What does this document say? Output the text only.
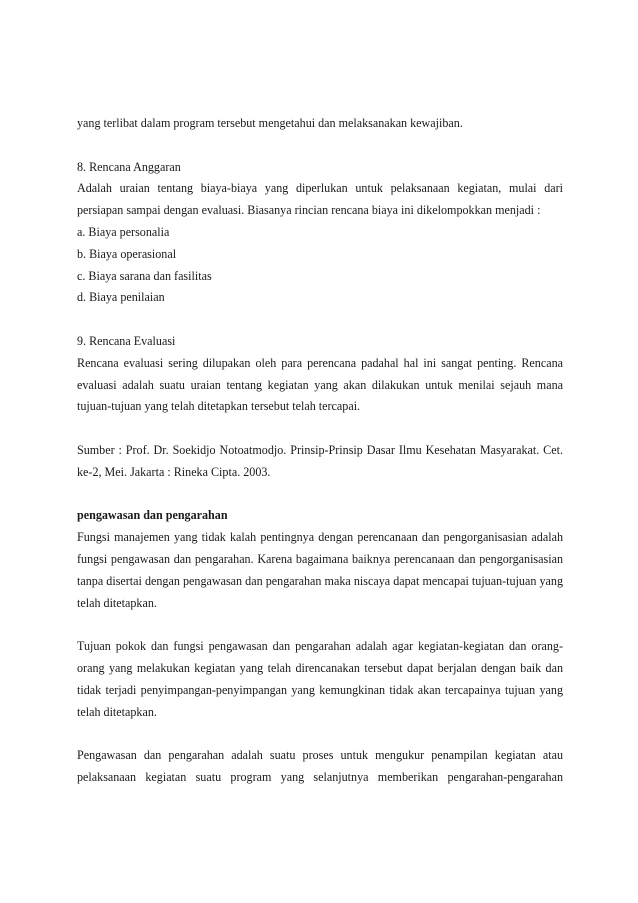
yang terlibat dalam program tersebut mengetahui dan melaksanakan kewajiban.

8. Rencana Anggaran

Adalah uraian tentang biaya-biaya yang diperlukan untuk pelaksanaan kegiatan, mulai dari persiapan sampai dengan evaluasi. Biasanya rincian rencana biaya ini dikelompokkan menjadi :

a. Biaya personalia

b. Biaya operasional

c. Biaya sarana dan fasilitas

d. Biaya penilaian

9. Rencana Evaluasi

Rencana evaluasi sering dilupakan oleh para perencana padahal hal ini sangat penting. Rencana evaluasi adalah suatu uraian tentang kegiatan yang akan dilakukan untuk menilai sejauh mana tujuan-tujuan yang telah ditetapkan tersebut telah tercapai.

Sumber : Prof. Dr. Soekidjo Notoatmodjo. Prinsip-Prinsip Dasar Ilmu Kesehatan Masyarakat. Cet. ke-2, Mei. Jakarta : Rineka Cipta. 2003.

pengawasan dan pengarahan

Fungsi manajemen yang tidak kalah pentingnya dengan perencanaan dan pengorganisasian adalah fungsi pengawasan dan pengarahan. Karena bagaimana baiknya perencanaan dan pengorganisasian tanpa disertai dengan pengawasan dan pengarahan maka niscaya dapat mencapai tujuan-tujuan yang telah ditetapkan.

Tujuan pokok dan fungsi pengawasan dan pengarahan adalah agar kegiatan-kegiatan dan orang-orang yang melakukan kegiatan yang telah direncanakan tersebut dapat berjalan dengan baik dan tidak terjadi penyimpangan-penyimpangan yang kemungkinan tidak akan tercapainya tujuan yang telah ditetapkan.

Pengawasan dan pengarahan adalah suatu proses untuk mengukur penampilan kegiatan atau pelaksanaan kegiatan suatu program yang selanjutnya memberikan pengarahan-pengarahan
